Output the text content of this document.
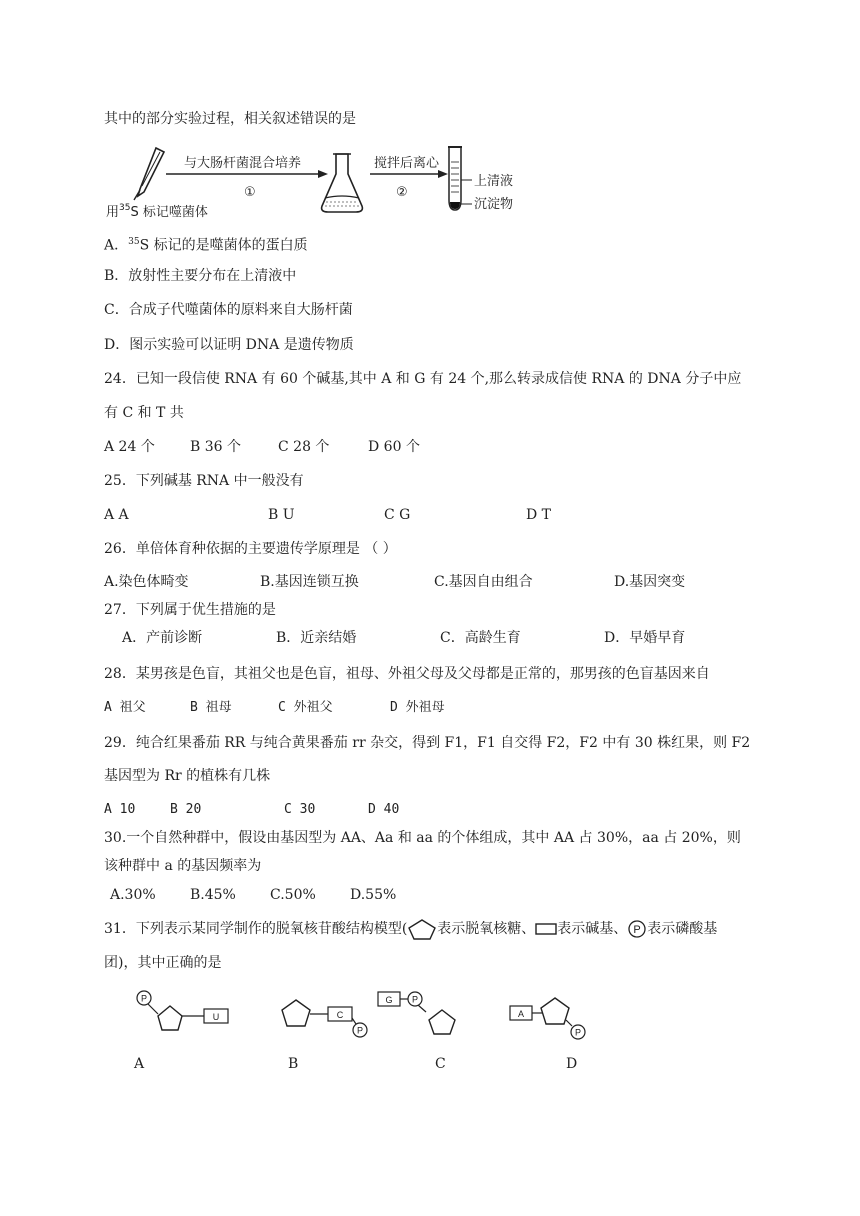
其中的部分实验过程，相关叙述错误的是
与大肠杆菌混合培养
①
搅拌后离心
②
上清液
沉淀物
用$^{35}$S 标记噬菌体
A．$^{35}$S 标记的是噬菌体的蛋白质
B．放射性主要分布在上清液中
C．合成子代噬菌体的原料来自大肠杆菌
D．图示实验可以证明 DNA 是遗传物质
24．已知一段信使 RNA 有 60 个碱基,其中 A 和 G 有 24 个,那么转录成信使 RNA 的 DNA 分子中应
有 C 和 T 共
A 24 个	B 36 个	C 28 个	D 60 个
25．下列碱基 RNA 中一般没有
A A	B U	C G	D T
26．单倍体育种依据的主要遗传学原理是 （ ）
A.染色体畸变	B.基因连锁互换	C.基因自由组合	D.基因突变
27．下列属于优生措施的是
A．产前诊断	B．近亲结婚	C．高龄生育	D．早婚早育
28．某男孩是色盲，其祖父也是色盲，祖母、外祖父母及父母都是正常的，那男孩的色盲基因来自
A 祖父	B 祖母	C 外祖父	D 外祖母
29．纯合红果番茄 RR 与纯合黄果番茄 rr 杂交，得到 F1，F1 自交得 F2，F2 中有 30 株红果，则 F2
基因型为 Rr 的植株有几株
A 10	B 20	C 30	D 40
30.一个自然种群中，假设由基因型为 AA、Aa 和 aa 的个体组成，其中 AA 占 30%，aa 占 20%，则
该种群中 a 的基因频率为
A.30% B.45% C.50% D.55%
31．下列表示某同学制作的脱氧核苷酸结构模型( 表示脱氧核糖、 表示碱基、 P 表示磷酸基
团)，其中正确的是
P
U	C
P
G P
A
P
A	B	C	D
